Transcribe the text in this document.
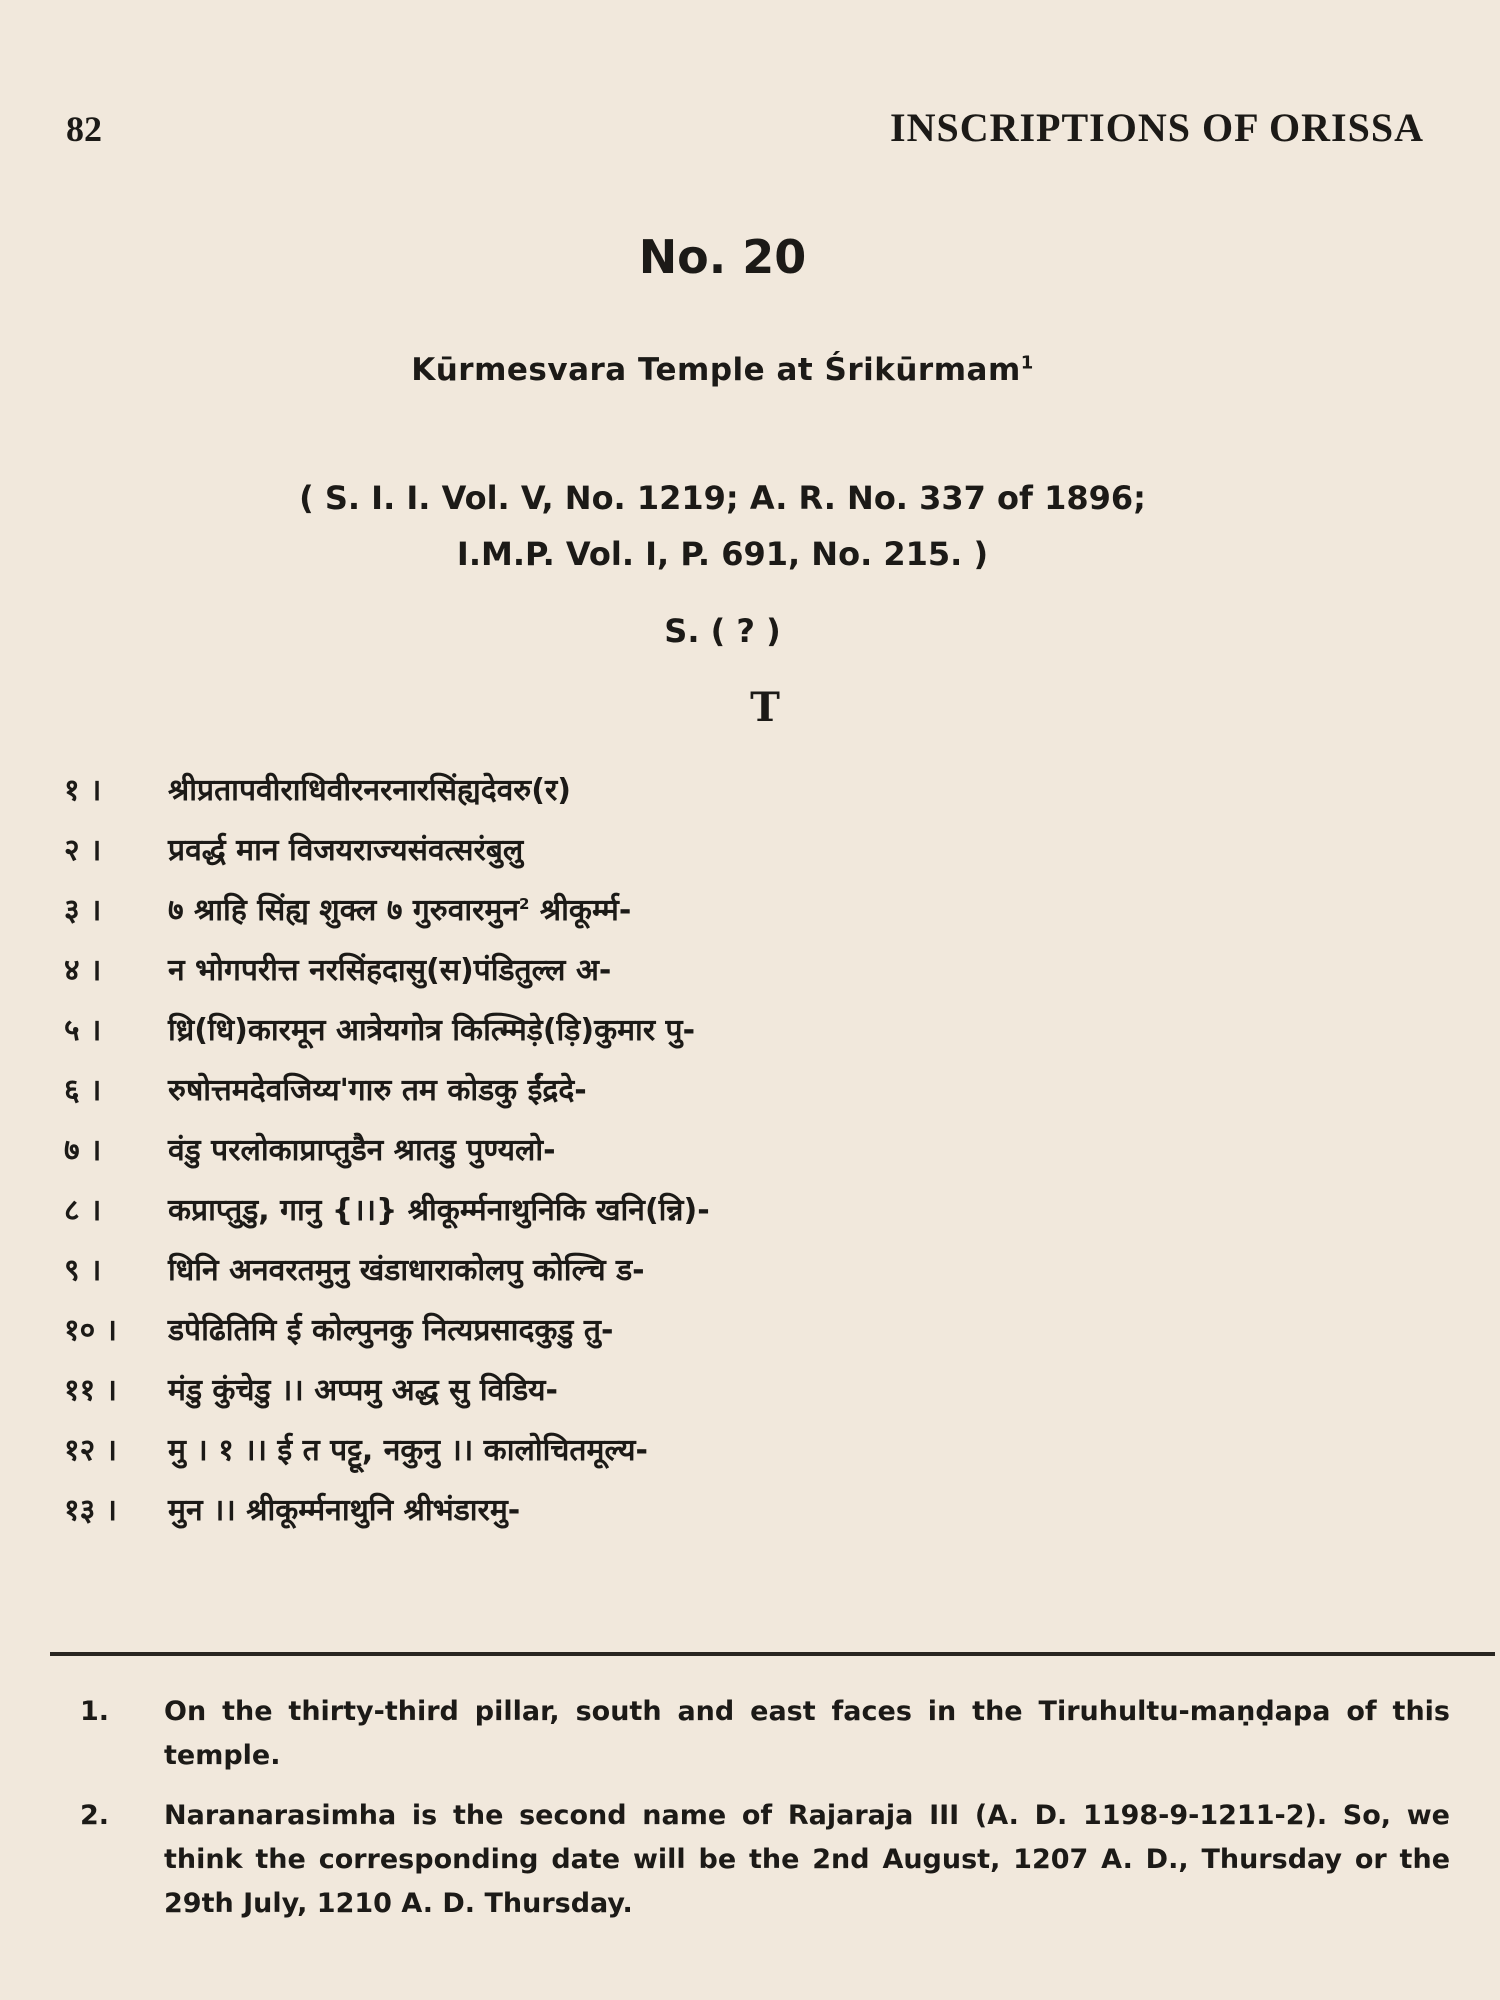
82	INSCRIPTIONS OF ORISSA
No. 20
Kūrmesvara Temple at Śrikūrmam$^1$
( S. I. I. Vol. V, No. 1219; A. R. No. 337 of 1896;
I.M.P. Vol. I, P. 691, No. 215. )
S. ( ? )
T
१ ।	श्रीप्रतापवीराधिवीरनरनारसिंह्यदेवरु(र)
२ ।	प्रवर्द्ध मान विजयराज्यसंवत्सरंबुलु
३ ।	७ श्राहि सिंह्य शुक्ल ७ गुरुवारमुन$^2$ श्रीकूर्म्म-
४ ।	न भोगपरीत्त नरसिंहदासु(स)पंडितुल्ल अ-
५ ।	ध्रि(धि)कारमून आत्रेयगोत्र कित्म्मिड़े(ड़ि)कुमार पु-
६ ।	रुषोत्तमदेवजिय्य'गारु तम कोडकु ईंद्रदे-
७ ।	वंडु परलोकाप्राप्तुडैन श्रातडु पुण्यलो-
८ ।	कप्राप्तुडु, गानु {।।} श्रीकूर्म्मनाथुनिकि खनि(न्नि)-
९ ।	धिनि अनवरतमुनु खंडाधाराकोलपु कोल्चि ड-
१० ।	डपेढितिमि ई कोल्पुनकु नित्यप्रसादकुडु तु-
११ ।	मंडु कुंचेडु ।। अप्पमु अद्ध सु विडिय-
१२ ।	मु । १ ।। ई त पट्टू, नकुनु ।। कालोचितमूल्य-
१३ ।	मुन ।। श्रीकूर्म्मनाथुनि श्रीभंडारमु-
1.	On the thirty-third pillar, south and east faces in the Tiruhultu-maṇḍapa of this temple.
2.	Naranarasimha is the second name of Rajaraja III (A. D. 1198-9-1211-2). So, we think the corresponding date will be the 2nd August, 1207 A. D., Thursday or the 29th July, 1210 A. D. Thursday.
